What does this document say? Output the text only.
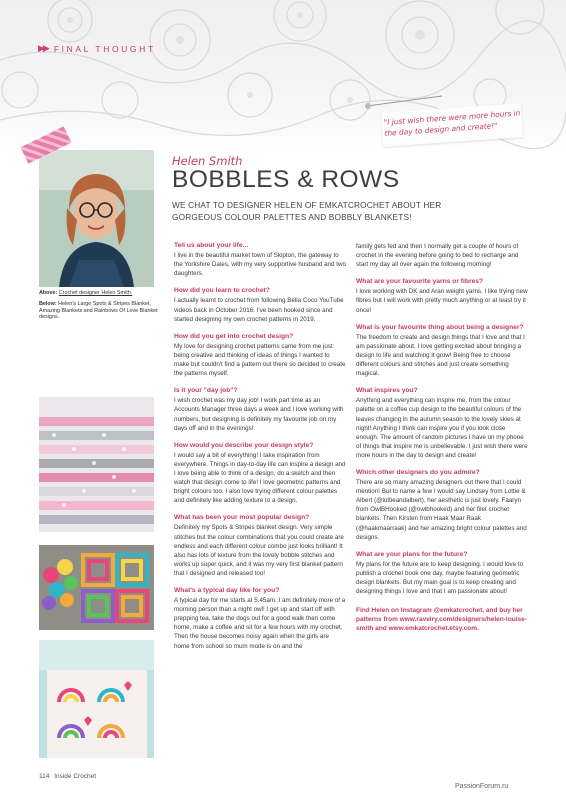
▶▶ FINAL THOUGHT
"I just wish there were more hours in the day to design and create!"
Above: Crochet designer Helen Smith.
Below: Helen's Large Spots & Stripes Blanket, Amazing Blankets and Rainbows Of Love Blanket designs.
Helen Smith
BOBBLES & ROWS
WE CHAT TO DESIGNER HELEN OF EMKATCROCHET ABOUT HER GORGEOUS COLOUR PALETTES AND BOBBLY BLANKETS!
Tell us about your life...

I live in the beautiful market town of Skipton, the gateway to the Yorkshire Dales, with my very supportive husband and two daughters.

How did you learn to crochet?

I actually learnt to crochet from following Bella Coco YouTube videos back in October 2016. I've been hooked since and started designing my own crochet patterns in 2019.

How did you get into crochet design?

My love for designing crochet patterns came from me just being creative and thinking of ideas of things I wanted to make but couldn't find a pattern out there so decided to create the patterns myself.

Is it your "day job"?

I wish crochet was my day job! I work part time as an Accounts Manager three days a week and I love working with numbers, but designing is definitely my favourite job on my days off and in the evenings!

How would you describe your design style?

I would say a bit of everything! I take inspiration from everywhere. Things in day-to-day life can inspire a design and I love being able to think of a design, do a sketch and then watch that design come to life! I love geometric patterns and bright colours too. I also love trying different colour palettes and definitely like adding texture to a design.

What has been your most popular design?

Definitely my Spots & Stripes blanket design. Very simple stitches but the colour combinations that you could create are endless and each different colour combo just looks brilliant! It also has lots of texture from the lovely bobble stitches and works up super quick, and it was my very first blanket pattern that I designed and released too!

What's a typical day like for you?

A typical day for me starts at 5.45am. I am definitely more of a morning person than a night owl! I get up and start off with prepping tea, take the dogs out for a good walk then come home, make a coffee and sit for a few hours with my crochet. Then the house becomes noisy again when the girls are home from school so mum mode is on and the

family gets fed and then I normally get a couple of hours of crochet in the evening before going to bed to recharge and start my day all over again the following morning!

What are your favourite yarns or fibres?

I love working with DK and Aran weight yarns. I like trying new fibres but I will work with pretty much anything or at least try it once!

What is your favourite thing about being a designer?

The freedom to create and design things that I love and that I am passionate about. I love getting excited about bringing a design to life and watching it grow! Being free to choose different colours and stitches and just create something magical.

What inspires you?

Anything and everything can inspire me, from the colour palette on a coffee cup design to the beautiful colours of the leaves changing in the autumn season to the lovely skies at night! Anything I think can inspire you if you look close enough. The amount of random pictures I have on my phone of things that inspire me is unbelievable. I just wish there were more hours in the day to design and create!

Which other designers do you admire?

There are so many amazing designers out there that I could mention! But to name a few I would say Lindsey from Lottie & Albert (@lottieandalbert), her aesthetic is just lovely. Faaryn from OwlBHooked (@owlbhooked) and her filet crochet blankets. Then Kirsten from Haak Maar Raak (@haakmaarraak) and her amazing bright colour palettes and designs.

What are your plans for the future?

My plans for the future are to keep designing. I would love to publish a crochet book one day, maybe featuring geometric design blankets. But my main goal is to keep creating and designing things I love and that I am passionate about!

Find Helen on Instagram @emkatcrochet, and buy her patterns from www.ravelry.com/designers/helen-louise-smith and www.emkatcrochet.etsy.com.
114 Inside Crochet
PassionForum.ru
